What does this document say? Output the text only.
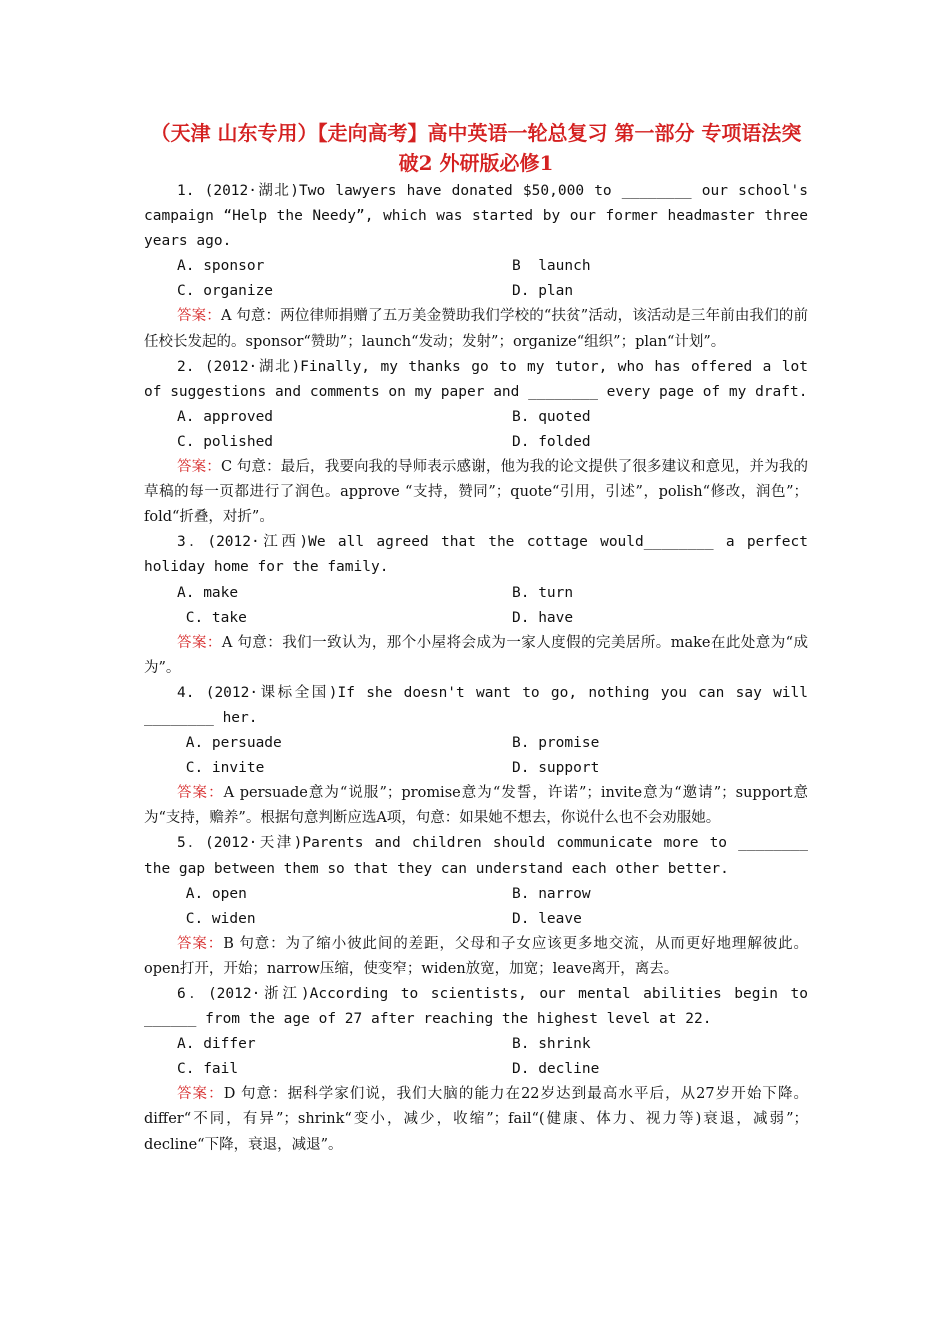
（天津 山东专用）【走向高考】高中英语一轮总复习 第一部分 专项语法突破2 外研版必修1

1. (2012·湖北)Two lawyers have donated $50,000 to ________ our school's campaign “Help the Needy”, which was started by our former headmaster three years ago.

A. sponsor	B  launch
C. organize	D. plan

答案：A 句意：两位律师捐赠了五万美金赞助我们学校的“扶贫”活动，该活动是三年前由我们的前任校长发起的。sponsor“赞助”；launch“发动；发射”；organize“组织”；plan“计划”。

2. (2012·湖北)Finally, my thanks go to my tutor, who has offered a lot of suggestions and comments on my paper and ________ every page of my draft.

A. approved	B. quoted
C. polished	D. folded

答案：C 句意：最后，我要向我的导师表示感谢，他为我的论文提供了很多建议和意见，并为我的草稿的每一页都进行了润色。approve “支持，赞同”；quote“引用，引述”，polish“修改，润色”；fold“折叠，对折”。

3．(2012·江西)We all agreed that the cottage would________ a perfect holiday home for the family.

A. make	B. turn
C. take	D. have

答案：A 句意：我们一致认为，那个小屋将会成为一家人度假的完美居所。make在此处意为“成为”。

4. (2012·课标全国)If she doesn't want to go, nothing you can say will ________ her.

A. persuade	B. promise
C. invite	D. support

答案：A persuade意为“说服”；promise意为“发誓，许诺”；invite意为“邀请”；support意为“支持，赡养”。根据句意判断应选A项，句意：如果她不想去，你说什么也不会劝服她。

5．(2012·天津)Parents and children should communicate more to ________ the gap between them so that they can understand each other better.

A. open	B. narrow
C. widen	D. leave

答案：B 句意：为了缩小彼此间的差距，父母和子女应该更多地交流，从而更好地理解彼此。open打开，开始；narrow压缩，使变窄；widen放宽，加宽；leave离开，离去。

6．(2012·浙江)According to scientists, our mental abilities begin to ______ from the age of 27 after reaching the highest level at 22.

A. differ	B. shrink
C. fail	D. decline

答案：D 句意：据科学家们说，我们大脑的能力在22岁达到最高水平后，从27岁开始下降。differ“不同，有异”；shrink“变小，减少，收缩”；fail“(健康、体力、视力等)衰退，减弱”；decline“下降，衰退，减退”。
